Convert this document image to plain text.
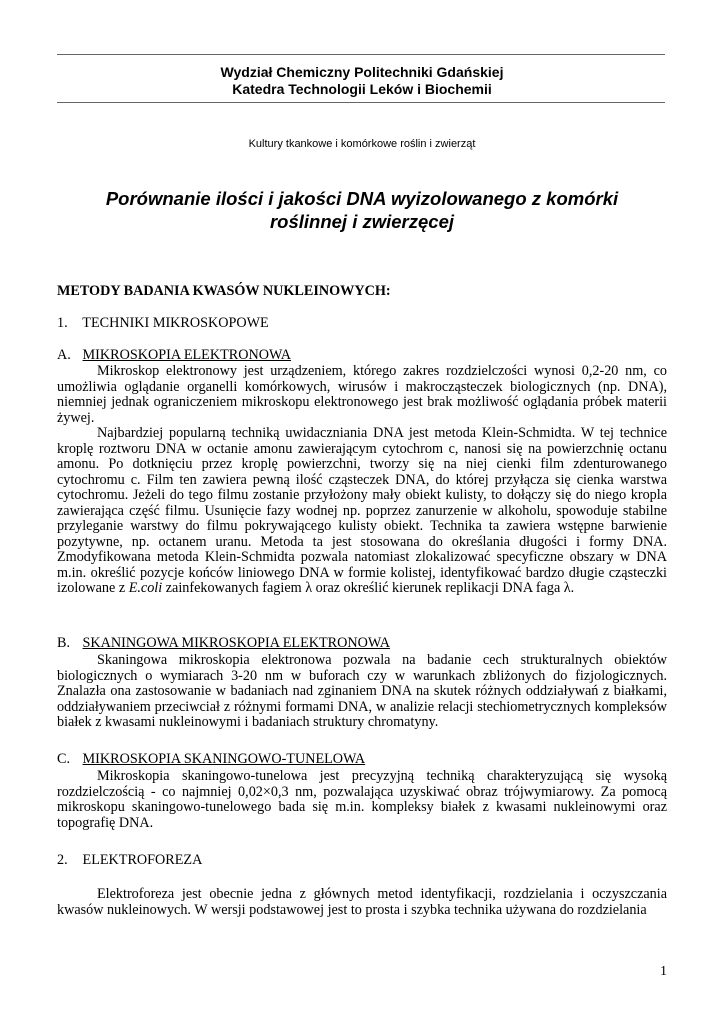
Wydział Chemiczny Politechniki Gdańskiej
Katedra Technologii Leków i Biochemii
Kultury tkankowe i komórkowe roślin i zwierząt
Porównanie ilości i jakości DNA wyizolowanego z komórki
roślinnej i zwierzęcej
METODY BADANIA KWASÓW NUKLEINOWYCH:
1. TECHNIKI MIKROSKOPOWE
A. MIKROSKOPIA ELEKTRONOWA

Mikroskop elektronowy jest urządzeniem, którego zakres rozdzielczości wynosi 0,2-20 nm, co umożliwia oglądanie organelli komórkowych, wirusów i makrocząsteczek biologicznych (np. DNA), niemniej jednak ograniczeniem mikroskopu elektronowego jest brak możliwość oglądania próbek materii żywej.

Najbardziej popularną techniką uwidaczniania DNA jest metoda Klein-Schmidta. W tej technice kroplę roztworu DNA w octanie amonu zawierającym cytochrom c, nanosi się na powierzchnię octanu amonu. Po dotknięciu przez kroplę powierzchni, tworzy się na niej cienki film zdenturowanego cytochromu c. Film ten zawiera pewną ilość cząsteczek DNA, do której przyłącza się cienka warstwa cytochromu. Jeżeli do tego filmu zostanie przyłożony mały obiekt kulisty, to dołączy się do niego kropla zawierająca część filmu. Usunięcie fazy wodnej np. poprzez zanurzenie w alkoholu, spowoduje stabilne przyleganie warstwy do filmu pokrywającego kulisty obiekt. Technika ta zawiera wstępne barwienie pozytywne, np. octanem uranu. Metoda ta jest stosowana do określania długości i formy DNA. Zmodyfikowana metoda Klein-Schmidta pozwala natomiast zlokalizować specyficzne obszary w DNA m.in. określić pozycje końców liniowego DNA w formie kolistej, identyfikować bardzo długie cząsteczki izolowane z E.coli zainfekowanych fagiem λ oraz określić kierunek replikacji DNA faga λ.

B. SKANINGOWA MIKROSKOPIA ELEKTRONOWA

Skaningowa mikroskopia elektronowa pozwala na badanie cech strukturalnych obiektów biologicznych o wymiarach 3-20 nm w buforach czy w warunkach zbliżonych do fizjologicznych. Znalazła ona zastosowanie w badaniach nad zginaniem DNA na skutek różnych oddziaływań z białkami, oddziaływaniem przeciwciał z różnymi formami DNA, w analizie relacji stechiometrycznych kompleksów białek z kwasami nukleinowymi i badaniach struktury chromatyny.

C. MIKROSKOPIA SKANINGOWO-TUNELOWA

Mikroskopia skaningowo-tunelowa jest precyzyjną techniką charakteryzującą się wysoką rozdzielczością - co najmniej 0,02×0,3 nm, pozwalająca uzyskiwać obraz trójwymiarowy. Za pomocą mikroskopu skaningowo-tunelowego bada się m.in. kompleksy białek z kwasami nukleinowymi oraz topografię DNA.

2. ELEKTROFOREZA

Elektroforeza jest obecnie jedna z głównych metod identyfikacji, rozdzielania i oczyszczania kwasów nukleinowych. W wersji podstawowej jest to prosta i szybka technika używana do rozdzielania

1
